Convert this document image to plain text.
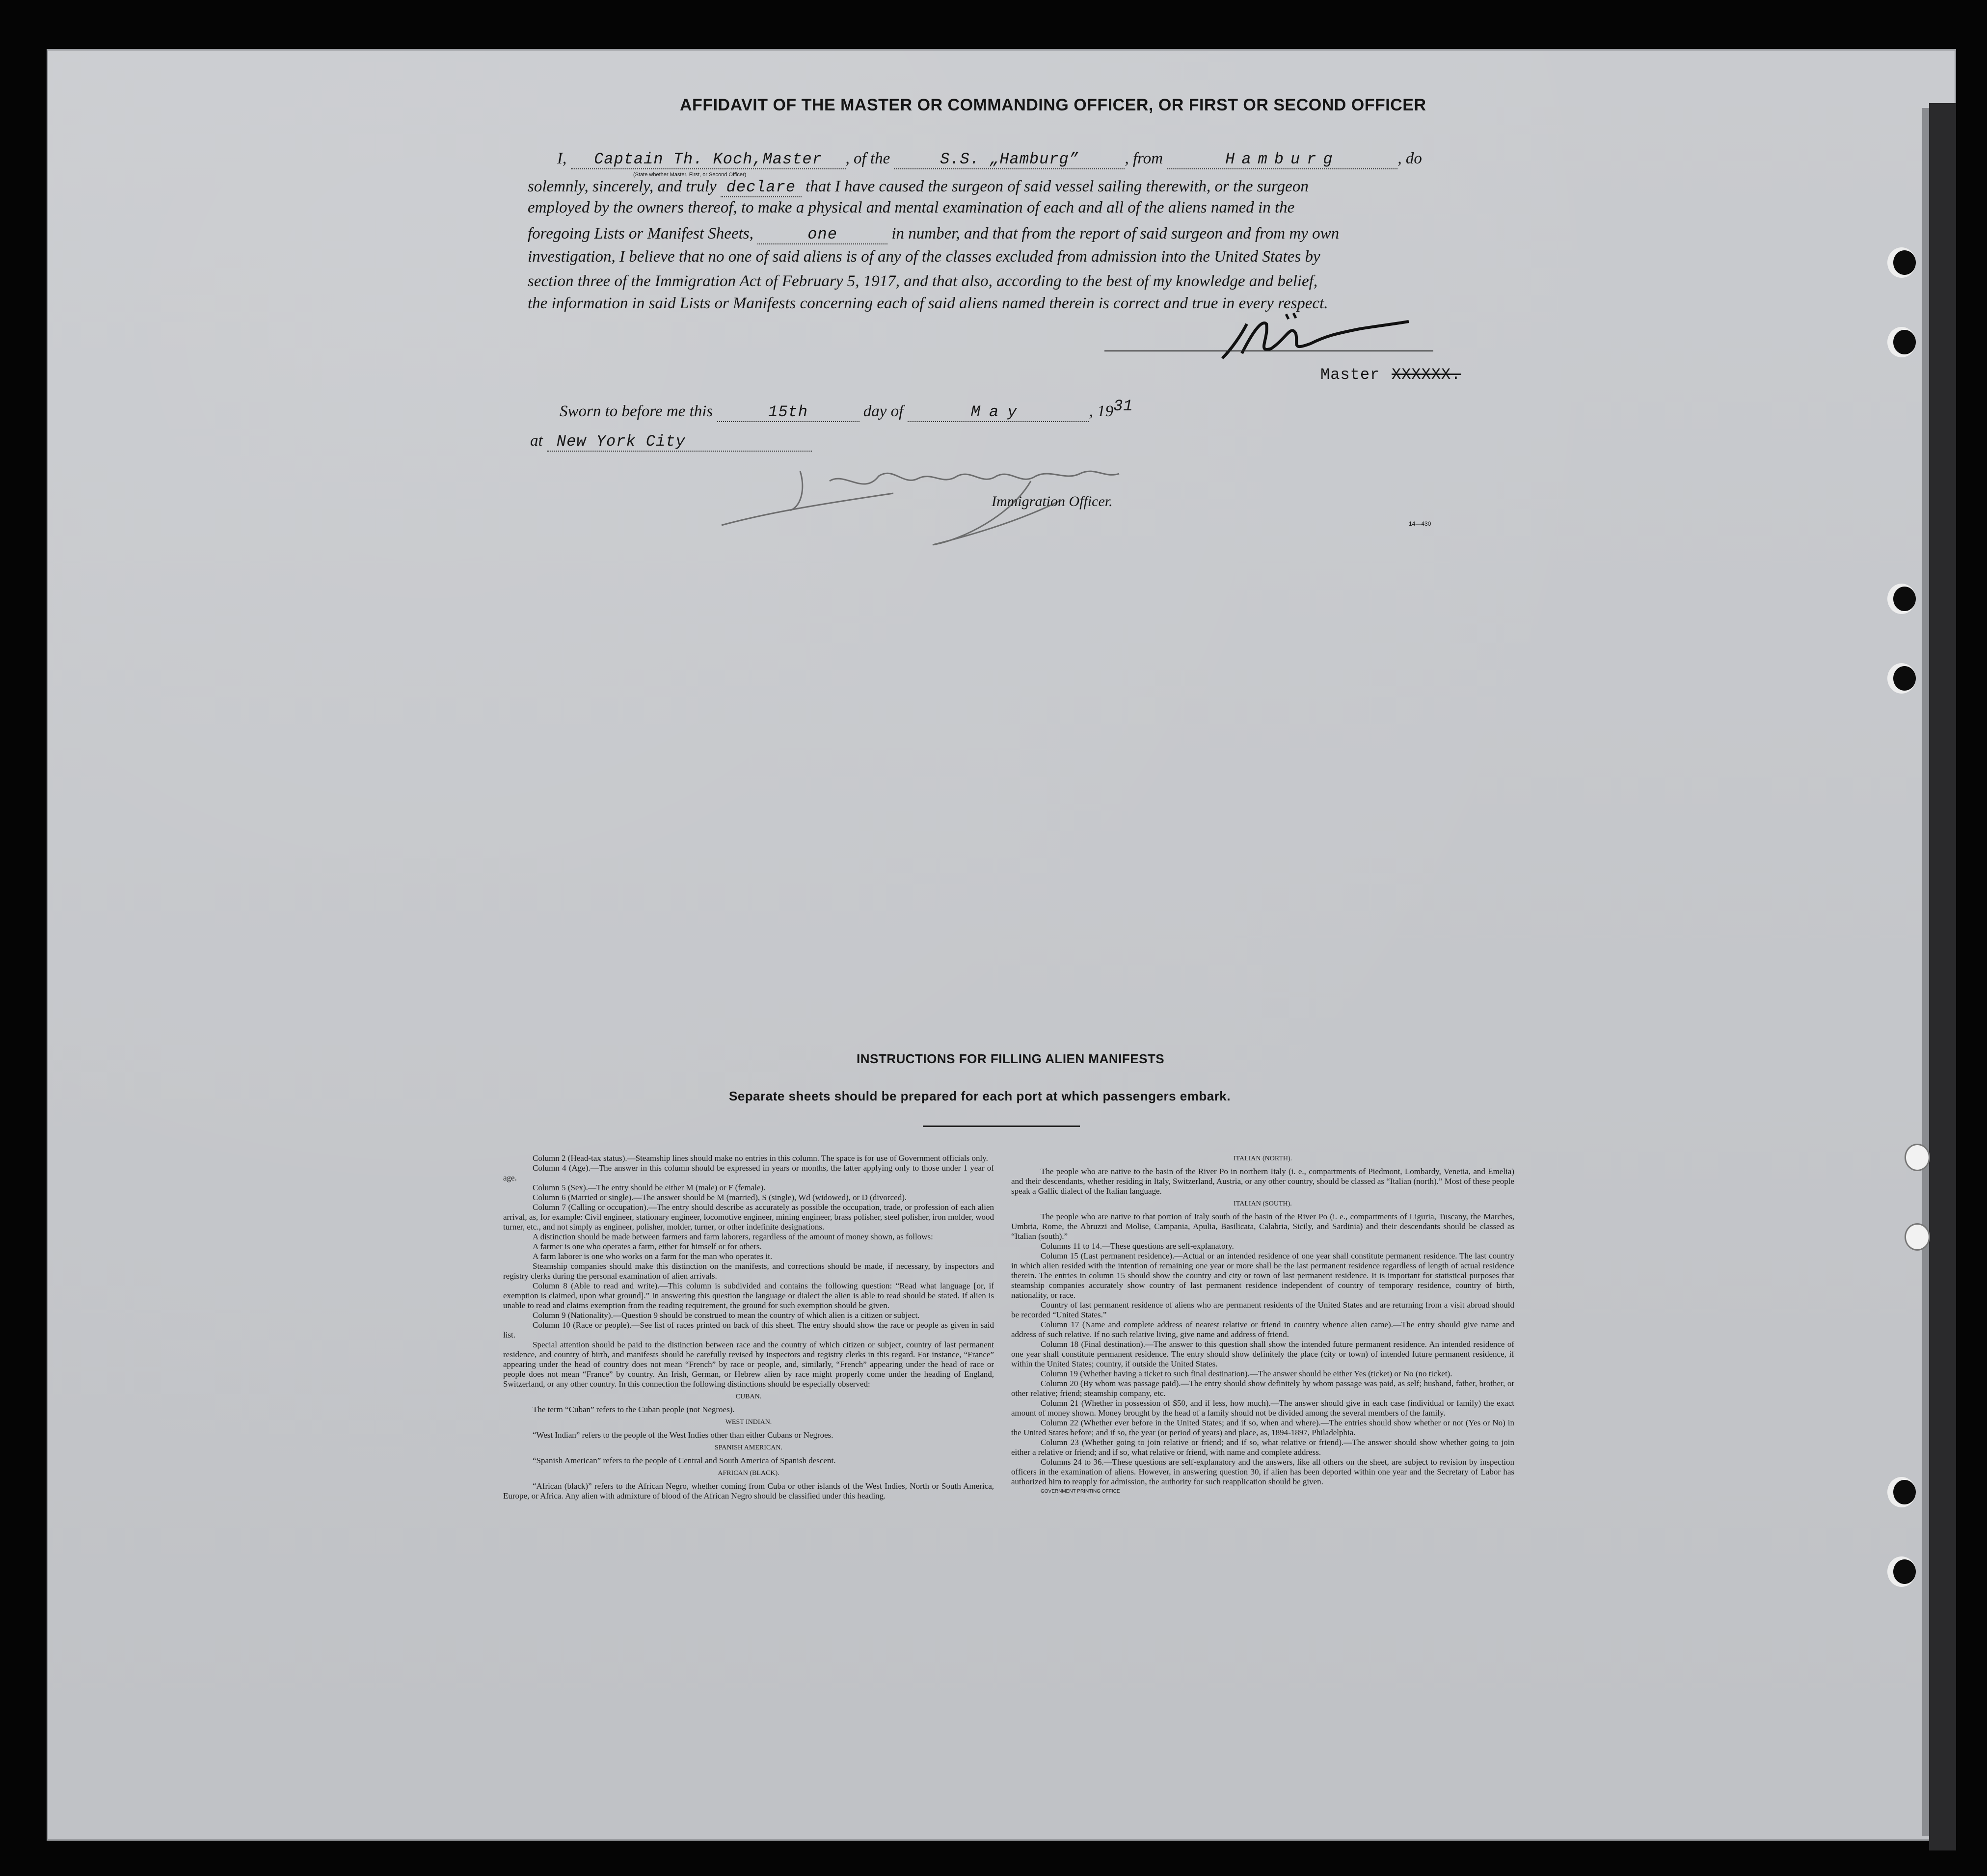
AFFIDAVIT OF THE MASTER OR COMMANDING OFFICER, OR FIRST OR SECOND OFFICER
I, Captain Th. Koch,Master , of the	S.S. „Hamburg”	, from	Hamburg	, do
(State whether Master, First, or Second Officer)
solemnly, sincerely, and truly declare that I have caused the surgeon of said vessel sailing therewith, or the surgeon
employed by the owners thereof, to make a physical and mental examination of each and all of the aliens named in the
foregoing Lists or Manifest Sheets,	one	in number, and that from the report of said surgeon and from my own
investigation, I believe that no one of said aliens is of any of the classes excluded from admission into the United States by
section three of the Immigration Act of February 5, 1917, and that also, according to the best of my knowledge and belief,
the information in said Lists or Manifests concerning each of said aliens named therein is correct and true in every respect.
Master XXXXXX.
Sworn to before me this	15th	day of	May	, 1931
at New York City
Immigration Officer.
14—430
INSTRUCTIONS FOR FILLING ALIEN MANIFESTS
Separate sheets should be prepared for each port at which passengers embark.

Column 2 (Head-tax status).—Steamship lines should make no entries in this column. The space is for use of Government officials only.

Column 4 (Age).—The answer in this column should be expressed in years or months, the latter applying only to those under 1 year of age.

Column 5 (Sex).—The entry should be either M (male) or F (female).

Column 6 (Married or single).—The answer should be M (married), S (single), Wd (widowed), or D (divorced).

Column 7 (Calling or occupation).—The entry should describe as accurately as possible the occupation, trade, or profession of each alien arrival, as, for example: Civil engineer, stationary engineer, locomotive engineer, mining engineer, brass polisher, steel polisher, iron molder, wood turner, etc., and not simply as engineer, polisher, molder, turner, or other indefinite designations.

A distinction should be made between farmers and farm laborers, regardless of the amount of money shown, as follows:

A farmer is one who operates a farm, either for himself or for others.

A farm laborer is one who works on a farm for the man who operates it.

Steamship companies should make this distinction on the manifests, and corrections should be made, if necessary, by inspectors and registry clerks during the personal examination of alien arrivals.

Column 8 (Able to read and write).—This column is subdivided and contains the following question: “Read what language [or, if exemption is claimed, upon what ground].” In answering this question the language or dialect the alien is able to read should be stated. If alien is unable to read and claims exemption from the reading requirement, the ground for such exemption should be given.

Column 9 (Nationality).—Question 9 should be construed to mean the country of which alien is a citizen or subject.

Column 10 (Race or people).—See list of races printed on back of this sheet. The entry should show the race or people as given in said list.

Special attention should be paid to the distinction between race and the country of which citizen or subject, country of last permanent residence, and country of birth, and manifests should be carefully revised by inspectors and registry clerks in this regard. For instance, “France” appearing under the head of country does not mean “French” by race or people, and, similarly, “French” appearing under the head of race or people does not mean “France” by country. An Irish, German, or Hebrew alien by race might properly come under the heading of England, Switzerland, or any other country. In this connection the following distinctions should be especially observed:

CUBAN.

The term “Cuban” refers to the Cuban people (not Negroes).

WEST INDIAN.

“West Indian” refers to the people of the West Indies other than either Cubans or Negroes.

SPANISH AMERICAN.

“Spanish American” refers to the people of Central and South America of Spanish descent.

AFRICAN (BLACK).

“African (black)” refers to the African Negro, whether coming from Cuba or other islands of the West Indies, North or South America, Europe, or Africa. Any alien with admixture of blood of the African Negro should be classified under this heading.

ITALIAN (NORTH).

The people who are native to the basin of the River Po in northern Italy (i. e., compartments of Piedmont, Lombardy, Venetia, and Emelia) and their descendants, whether residing in Italy, Switzerland, Austria, or any other country, should be classed as “Italian (north).” Most of these people speak a Gallic dialect of the Italian language.

ITALIAN (SOUTH).

The people who are native to that portion of Italy south of the basin of the River Po (i. e., compartments of Liguria, Tuscany, the Marches, Umbria, Rome, the Abruzzi and Molise, Campania, Apulia, Basilicata, Calabria, Sicily, and Sardinia) and their descendants should be classed as “Italian (south).”

Columns 11 to 14.—These questions are self-explanatory.

Column 15 (Last permanent residence).—Actual or an intended residence of one year shall constitute permanent residence. The last country in which alien resided with the intention of remaining one year or more shall be the last permanent residence regardless of length of actual residence therein. The entries in column 15 should show the country and city or town of last permanent residence. It is important for statistical purposes that steamship companies accurately show country of last permanent residence independent of country of temporary residence, country of birth, nationality, or race.

Country of last permanent residence of aliens who are permanent residents of the United States and are returning from a visit abroad should be recorded “United States.”

Column 17 (Name and complete address of nearest relative or friend in country whence alien came).—The entry should give name and address of such relative. If no such relative living, give name and address of friend.

Column 18 (Final destination).—The answer to this question shall show the intended future permanent residence. An intended residence of one year shall constitute permanent residence. The entry should show definitely the place (city or town) of intended future permanent residence, if within the United States; country, if outside the United States.

Column 19 (Whether having a ticket to such final destination).—The answer should be either Yes (ticket) or No (no ticket).

Column 20 (By whom was passage paid).—The entry should show definitely by whom passage was paid, as self; husband, father, brother, or other relative; friend; steamship company, etc.

Column 21 (Whether in possession of $50, and if less, how much).—The answer should give in each case (individual or family) the exact amount of money shown. Money brought by the head of a family should not be divided among the several members of the family.

Column 22 (Whether ever before in the United States; and if so, when and where).—The entries should show whether or not (Yes or No) in the United States before; and if so, the year (or period of years) and place, as, 1894-1897, Philadelphia.

Column 23 (Whether going to join relative or friend; and if so, what relative or friend).—The answer should show whether going to join either a relative or friend; and if so, what relative or friend, with name and complete address.

Columns 24 to 36.—These questions are self-explanatory and the answers, like all others on the sheet, are subject to revision by inspection officers in the examination of aliens. However, in answering question 30, if alien has been deported within one year and the Secretary of Labor has authorized him to reapply for admission, the authority for such reapplication should be given.

GOVERNMENT PRINTING OFFICE
